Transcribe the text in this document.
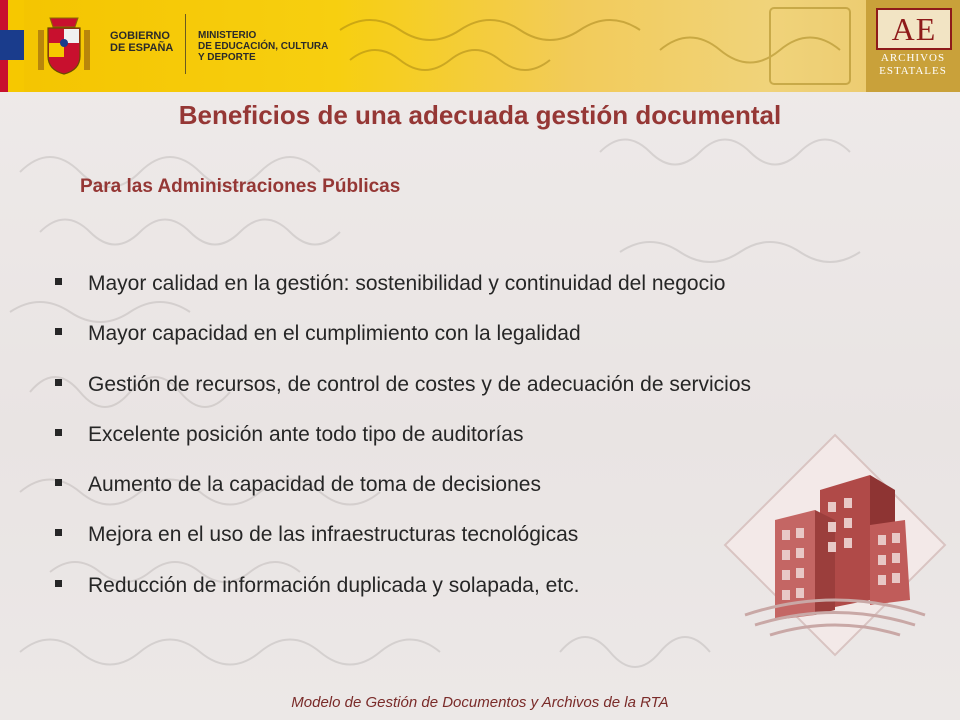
GOBIERNO
DE ESPAÑA
MINISTERIO
DE EDUCACIÓN, CULTURA
Y DEPORTE
AE
ARCHIVOS
ESTATALES
Beneficios de una adecuada gestión documental
Para las Administraciones Públicas
Mayor calidad en la gestión: sostenibilidad y continuidad del negocio
Mayor capacidad en el cumplimiento con la legalidad
Gestión de recursos, de control de costes y de adecuación de servicios
Excelente posición ante todo tipo de auditorías
Aumento de la capacidad de toma de decisiones
Mejora en el uso de las infraestructuras tecnológicas
Reducción de información duplicada y solapada, etc.
Modelo de Gestión de Documentos y Archivos de la RTA
